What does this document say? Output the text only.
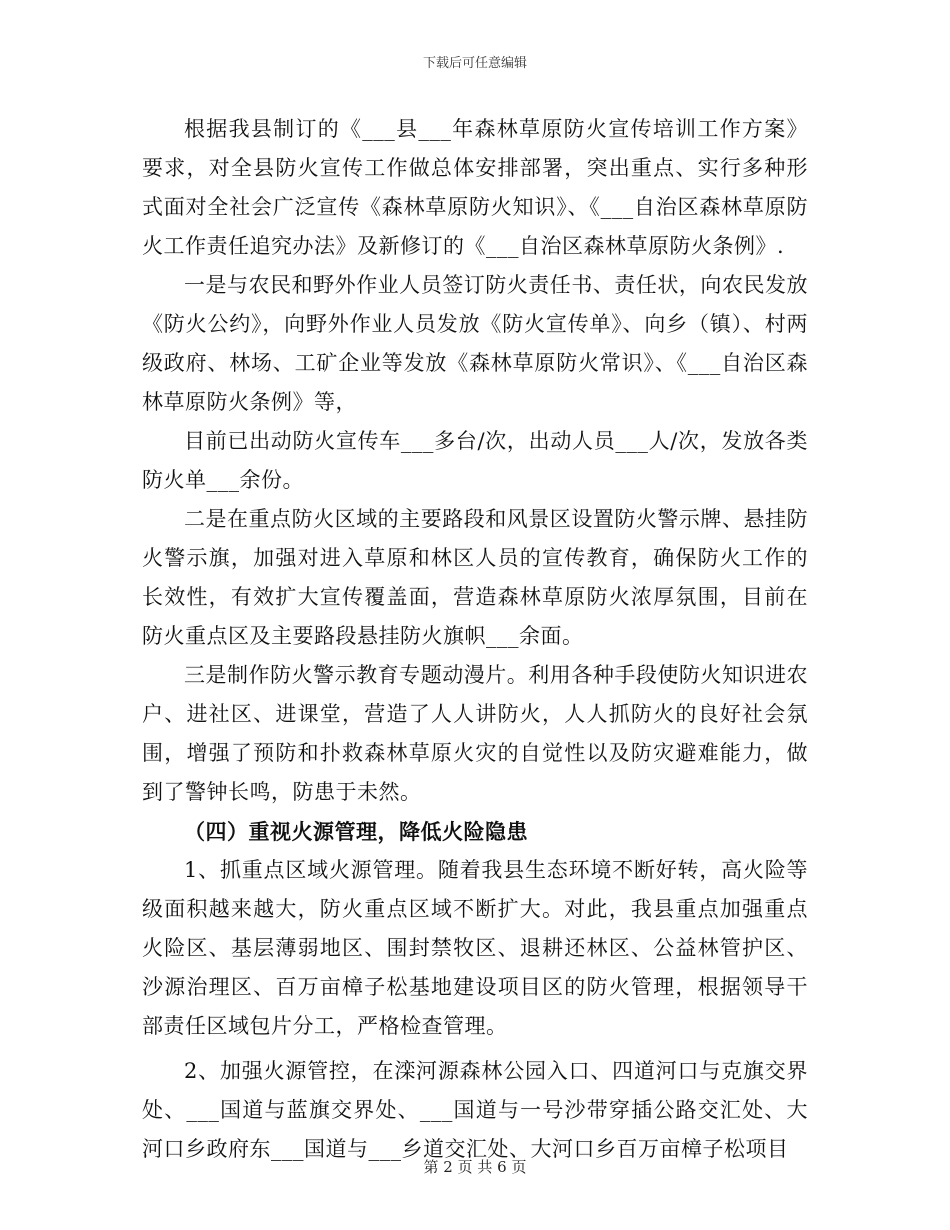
下载后可任意编辑

根据我县制订的《___县___年森林草原防火宣传培训工作方案》要求，对全县防火宣传工作做总体安排部署，突出重点、实行多种形式面对全社会广泛宣传《森林草原防火知识》、《___自治区森林草原防火工作责任追究办法》及新修订的《___自治区森林草原防火条例》.

一是与农民和野外作业人员签订防火责任书、责任状，向农民发放《防火公约》，向野外作业人员发放《防火宣传单》、向乡（镇）、村两级政府、林场、工矿企业等发放《森林草原防火常识》、《___自治区森林草原防火条例》等，

目前已出动防火宣传车___多台/次，出动人员___人/次，发放各类防火单___余份。

二是在重点防火区域的主要路段和风景区设置防火警示牌、悬挂防火警示旗，加强对进入草原和林区人员的宣传教育，确保防火工作的长效性，有效扩大宣传覆盖面，营造森林草原防火浓厚氛围，目前在防火重点区及主要路段悬挂防火旗帜___余面。

三是制作防火警示教育专题动漫片。利用各种手段使防火知识进农户、进社区、进课堂，营造了人人讲防火，人人抓防火的良好社会氛围，增强了预防和扑救森林草原火灾的自觉性以及防灾避难能力，做到了警钟长鸣，防患于未然。

（四）重视火源管理，降低火险隐患

1、抓重点区域火源管理。随着我县生态环境不断好转，高火险等级面积越来越大，防火重点区域不断扩大。对此，我县重点加强重点火险区、基层薄弱地区、围封禁牧区、退耕还林区、公益林管护区、沙源治理区、百万亩樟子松基地建设项目区的防火管理，根据领导干部责任区域包片分工，严格检查管理。

2、加强火源管控，在滦河源森林公园入口、四道河口与克旗交界处、___国道与蓝旗交界处、___国道与一号沙带穿插公路交汇处、大河口乡政府东___国道与___乡道交汇处、大河口乡百万亩樟子松项目

第 2 页 共 6 页
